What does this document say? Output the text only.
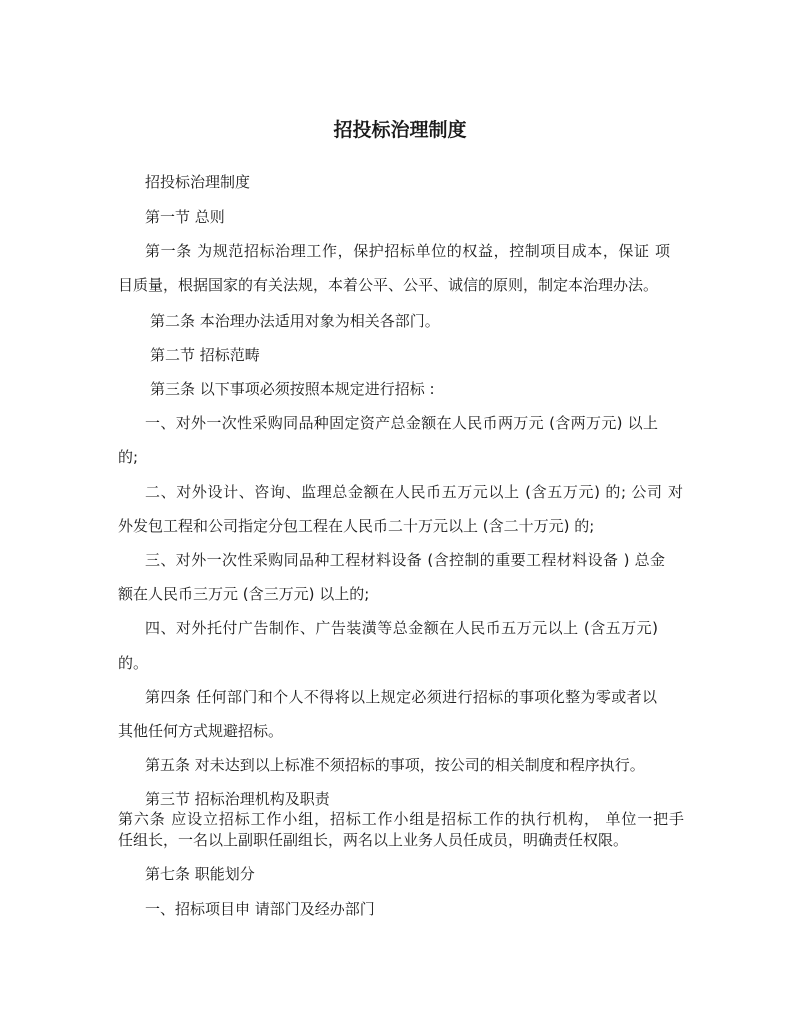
招投标治理制度
招投标治理制度
第一节 总则
第一条 为规范招标治理工作，保护招标单位的权益，控制项目成本，保证 项
目质量，根据国家的有关法规，本着公平、公平、诚信的原则，制定本治理办法。
第二条 本治理办法适用对象为相关各部门。
第二节 招标范畴
第三条 以下事项必须按照本规定进行招标 :
一、对外一次性采购同品种固定资产总金额在人民币两万元 (含两万元) 以上
的;
二、对外设计、咨询、监理总金额在人民币五万元以上 (含五万元) 的; 公司 对
外发包工程和公司指定分包工程在人民币二十万元以上 (含二十万元) 的;
三、对外一次性采购同品种工程材料设备 (含控制的重要工程材料设备 ) 总金
额在人民币三万元 (含三万元) 以上的;
四、对外托付广告制作、广告装潢等总金额在人民币五万元以上 (含五万元)
的。
第四条 任何部门和个人不得将以上规定必须进行招标的事项化整为零或者以
其他任何方式规避招标。
第五条 对未达到以上标准不须招标的事项，按公司的相关制度和程序执行。
第三节 招标治理机构及职责
第六条 应设立招标工作小组，招标工作小组是招标工作的执行机构， 单位一把手
任组长，一名以上副职任副组长，两名以上业务人员任成员，明确责任权限。
第七条 职能划分
一、招标项目申 请部门及经办部门
